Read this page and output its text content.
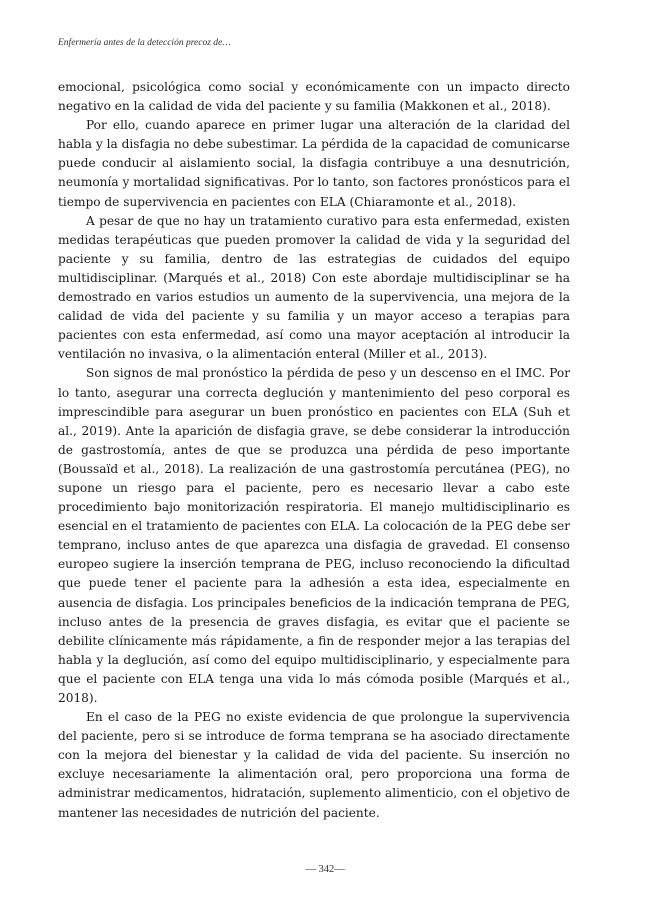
Enfermería antes de la detección precoz de…

emocional, psicológica como social y económicamente con un impacto directo negativo en la calidad de vida del paciente y su familia (Makkonen et al., 2018).

Por ello, cuando aparece en primer lugar una alteración de la claridad del habla y la disfagia no debe subestimar. La pérdida de la capacidad de comunicarse puede conducir al aislamiento social, la disfagia contribuye a una desnutrición, neumonía y mortalidad significativas. Por lo tanto, son factores pronósticos para el tiempo de supervivencia en pacientes con ELA (Chiaramonte et al., 2018).

A pesar de que no hay un tratamiento curativo para esta enfermedad, existen medidas terapéuticas que pueden promover la calidad de vida y la seguridad del paciente y su familia, dentro de las estrategias de cuidados del equipo multidisciplinar. (Marqués et al., 2018) Con este abordaje multidisciplinar se ha demostrado en varios estudios un aumento de la supervivencia, una mejora de la calidad de vida del paciente y su familia y un mayor acceso a terapias para pacientes con esta enfermedad, así como una mayor aceptación al introducir la ventilación no invasiva, o la alimentación enteral (Miller et al., 2013).

Son signos de mal pronóstico la pérdida de peso y un descenso en el IMC. Por lo tanto, asegurar una correcta deglución y mantenimiento del peso corporal es imprescindible para asegurar un buen pronóstico en pacientes con ELA (Suh et al., 2019). Ante la aparición de disfagia grave, se debe considerar la introducción de gastrostomía, antes de que se produzca una pérdida de peso importante (Boussaïd et al., 2018). La realización de una gastrostomía percutánea (PEG), no supone un riesgo para el paciente, pero es necesario llevar a cabo este procedimiento bajo monitorización respiratoria. El manejo multidisciplinario es esencial en el tratamiento de pacientes con ELA. La colocación de la PEG debe ser temprano, incluso antes de que aparezca una disfagia de gravedad. El consenso europeo sugiere la inserción temprana de PEG, incluso reconociendo la dificultad que puede tener el paciente para la adhesión a esta idea, especialmente en ausencia de disfagia. Los principales beneficios de la indicación temprana de PEG, incluso antes de la presencia de graves disfagia, es evitar que el paciente se debilite clínicamente más rápidamente, a fin de responder mejor a las terapias del habla y la deglución, así como del equipo multidisciplinario, y especialmente para que el paciente con ELA tenga una vida lo más cómoda posible (Marqués et al., 2018).

En el caso de la PEG no existe evidencia de que prolongue la supervivencia del paciente, pero si se introduce de forma temprana se ha asociado directamente con la mejora del bienestar y la calidad de vida del paciente. Su inserción no excluye necesariamente la alimentación oral, pero proporciona una forma de administrar medicamentos, hidratación, suplemento alimenticio, con el objetivo de mantener las necesidades de nutrición del paciente.

— 342—
